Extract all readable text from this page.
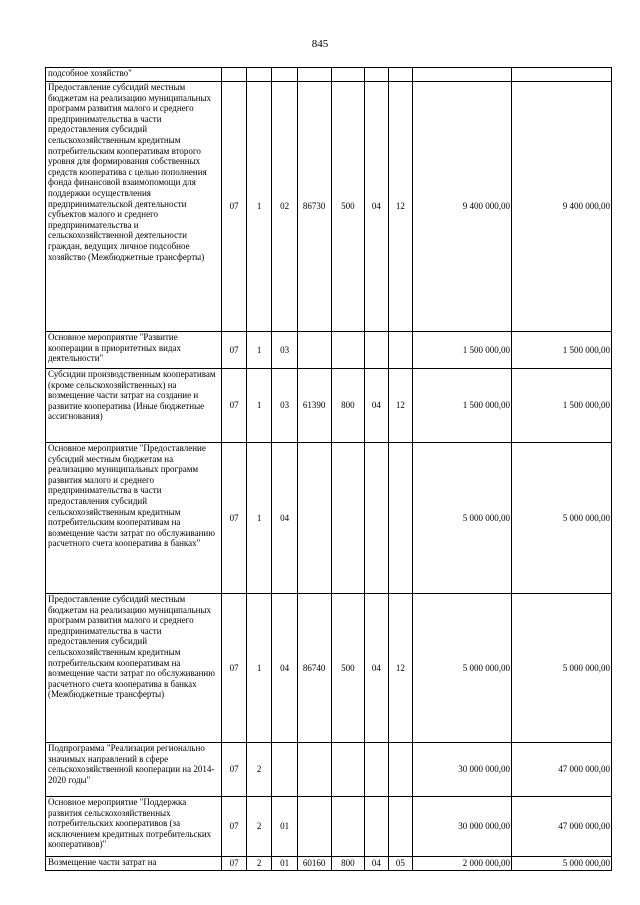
845
подсобное хозяйство"									
Предоставление субсидий местным бюджетам на реализацию муниципальных программ развития малого и среднего предпринимательства в части предоставления субсидий сельскохозяйственным кредитным потребительским кооперативам второго уровня для формирования собственных средств кооператива с целью пополнения фонда финансовой взаимопомощи для поддержки осуществления предпринимательской деятельности субъектов малого и среднего предпринимательства и сельскохозяйственной деятельности граждан, ведущих личное подсобное хозяйство (Межбюджетные трансферты)	07	1	02	86730	500	04	12	9 400 000,00	9 400 000,00
Основное мероприятие "Развитие кооперации в приоритетных видах деятельности"	07	1	03					1 500 000,00	1 500 000,00
Субсидии производственным кооперативам (кроме сельскохозяйственных) на возмещение части затрат на создание и развитие кооператива (Иные бюджетные ассигнования)	07	1	03	61390	800	04	12	1 500 000,00	1 500 000,00
Основное мероприятие "Предоставление субсидий местным бюджетам на реализацию муниципальных программ развития малого и среднего предпринимательства в части предоставления субсидий сельскохозяйственным кредитным потребительским кооперативам на возмещение части затрат по обслуживанию расчетного счета кооператива в банках"	07	1	04					5 000 000,00	5 000 000,00
Предоставление субсидий местным бюджетам на реализацию муниципальных программ развития малого и среднего предпринимательства в части предоставления субсидий сельскохозяйственным кредитным потребительским кооперативам на возмещение части затрат по обслуживанию расчетного счета кооператива в банках (Межбюджетные трансферты)	07	1	04	86740	500	04	12	5 000 000,00	5 000 000,00
Подпрограмма "Реализация регионально значимых направлений в сфере сельскохозяйственной кооперации на 2014-2020 годы"	07	2						30 000 000,00	47 000 000,00
Основное мероприятие "Поддержка развития сельскохозяйственных потребительских кооперативов (за исключением кредитных потребительских кооперативов)"	07	2	01					30 000 000,00	47 000 000,00
Возмещение части затрат на	07	2	01	60160	800	04	05	2 000 000,00	5 000 000,00
